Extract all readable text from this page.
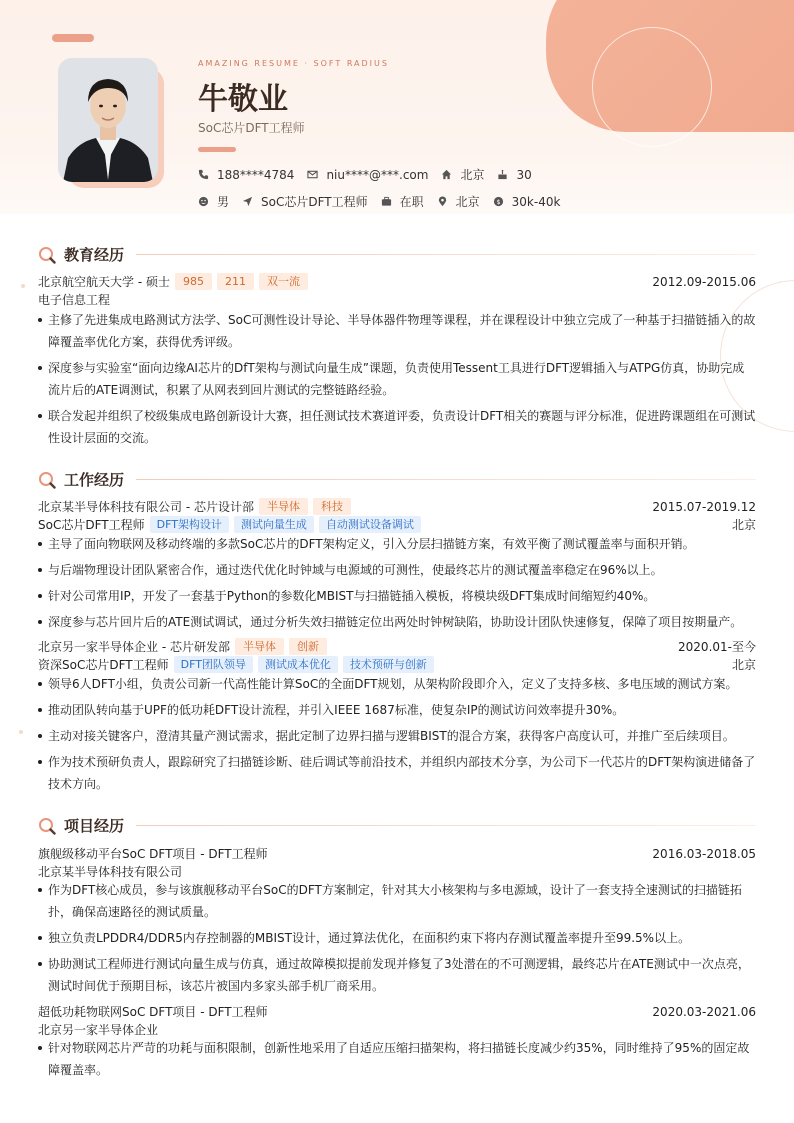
AMAZING RESUME · SOFT RADIUS
牛敬业
SoC芯片DFT工程师
188****4784	niu****@***.com	北京	30
男	SoC芯片DFT工程师	在职	北京 $ 30k-40k
教育经历
北京航空航天大学 - 硕士	985	211	双一流	2012.09-2015.06
电子信息工程
主修了先进集成电路测试方法学、SoC可测性设计导论、半导体器件物理等课程，并在课程设计中独立完成了一种基于扫描链插入的故障覆盖率优化方案，获得优秀评级。
深度参与实验室“面向边缘AI芯片的DfT架构与测试向量生成”课题，负责使用Tessent工具进行DFT逻辑插入与ATPG仿真，协助完成流片后的ATE调测试，积累了从网表到回片测试的完整链路经验。
联合发起并组织了校级集成电路创新设计大赛，担任测试技术赛道评委，负责设计DFT相关的赛题与评分标准，促进跨课题组在可测试性设计层面的交流。
工作经历
北京某半导体科技有限公司 - 芯片设计部	半导体	科技	2015.07-2019.12
SoC芯片DFT工程师	DFT架构设计	测试向量生成	自动测试设备调试	北京
主导了面向物联网及移动终端的多款SoC芯片的DFT架构定义，引入分层扫描链方案，有效平衡了测试覆盖率与面积开销。
与后端物理设计团队紧密合作，通过迭代优化时钟域与电源域的可测性，使最终芯片的测试覆盖率稳定在96%以上。
针对公司常用IP，开发了一套基于Python的参数化MBIST与扫描链插入模板，将模块级DFT集成时间缩短约40%。
深度参与芯片回片后的ATE测试调试，通过分析失效扫描链定位出两处时钟树缺陷，协助设计团队快速修复，保障了项目按期量产。
北京另一家半导体企业 - 芯片研发部	半导体	创新	2020.01-至今
资深SoC芯片DFT工程师	DFT团队领导	测试成本优化	技术预研与创新	北京
领导6人DFT小组，负责公司新一代高性能计算SoC的全面DFT规划，从架构阶段即介入，定义了支持多核、多电压域的测试方案。
推动团队转向基于UPF的低功耗DFT设计流程，并引入IEEE 1687标准，使复杂IP的测试访问效率提升30%。
主动对接关键客户，澄清其量产测试需求，据此定制了边界扫描与逻辑BIST的混合方案，获得客户高度认可，并推广至后续项目。
作为技术预研负责人，跟踪研究了扫描链诊断、硅后调试等前沿技术，并组织内部技术分享，为公司下一代芯片的DFT架构演进储备了技术方向。
项目经历
旗舰级移动平台SoC DFT项目 - DFT工程师	2016.03-2018.05
北京某半导体科技有限公司
作为DFT核心成员，参与该旗舰移动平台SoC的DFT方案制定，针对其大小核架构与多电源域，设计了一套支持全速测试的扫描链拓扑，确保高速路径的测试质量。
独立负责LPDDR4/DDR5内存控制器的MBIST设计，通过算法优化，在面积约束下将内存测试覆盖率提升至99.5%以上。
协助测试工程师进行测试向量生成与仿真，通过故障模拟提前发现并修复了3处潜在的不可测逻辑，最终芯片在ATE测试中一次点亮，测试时间优于预期目标，该芯片被国内多家头部手机厂商采用。
超低功耗物联网SoC DFT项目 - DFT工程师	2020.03-2021.06
北京另一家半导体企业
针对物联网芯片严苛的功耗与面积限制，创新性地采用了自适应压缩扫描架构，将扫描链长度减少约35%，同时维持了95%的固定故障覆盖率。
